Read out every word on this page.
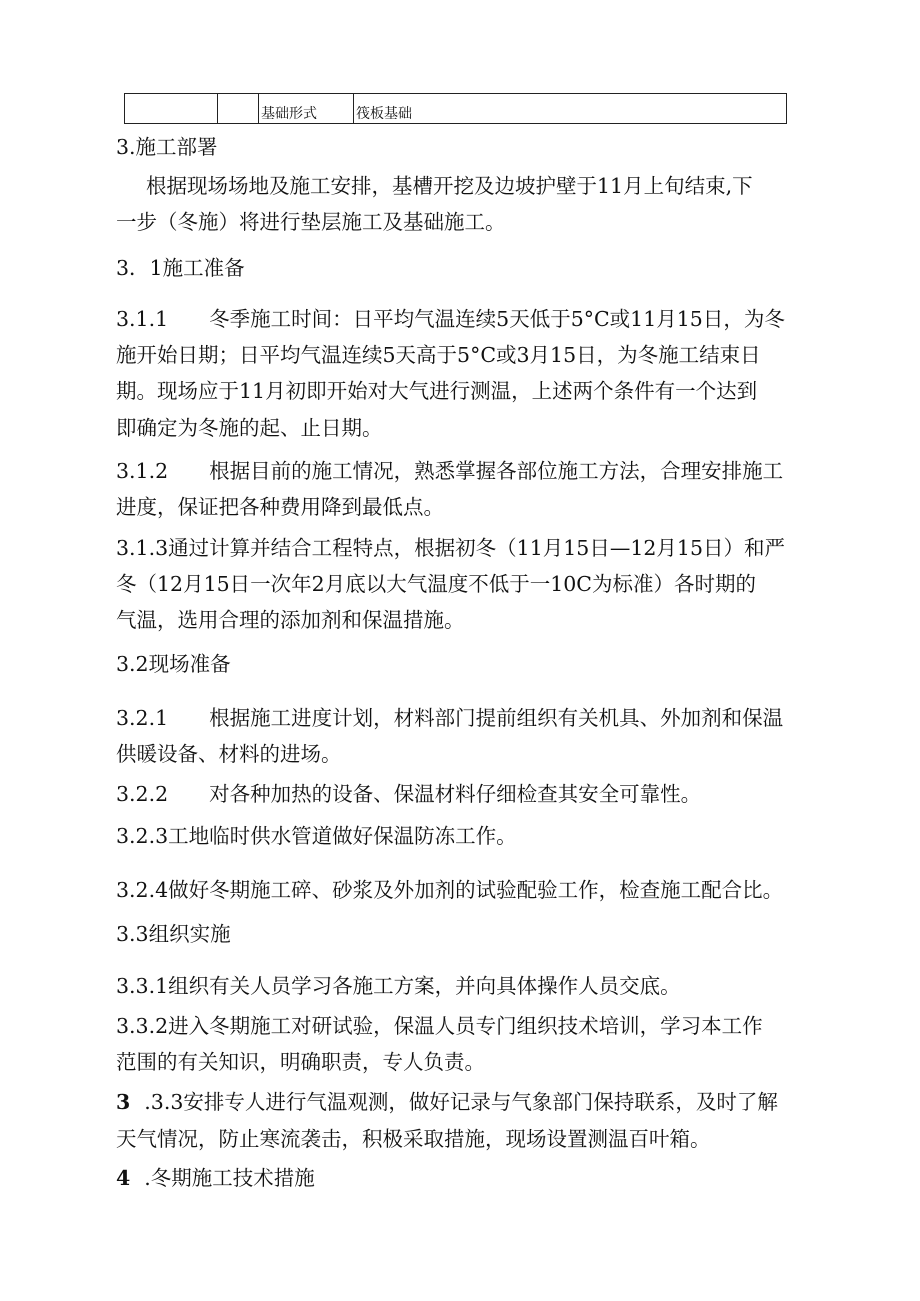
		基础形式	筏板基础
3.施工部署
根据现场场地及施工安排，基槽开挖及边坡护壁于11月上旬结束,下
一步（冬施）将进行垫层施工及基础施工。
3．1施工准备
3.1.1　　冬季施工时间：日平均气温连续5天低于5°C或11月15日，为冬
施开始日期；日平均气温连续5天高于5°C或3月15日，为冬施工结束日
期。现场应于11月初即开始对大气进行测温，上述两个条件有一个达到
即确定为冬施的起、止日期。
3.1.2　　根据目前的施工情况，熟悉掌握各部位施工方法，合理安排施工
进度，保证把各种费用降到最低点。
3.1.3通过计算并结合工程特点，根据初冬（11月15日—12月15日）和严
冬（12月15日一次年2月底以大气温度不低于一10C为标准）各时期的
气温，选用合理的添加剂和保温措施。
3.2现场准备
3.2.1　　根据施工进度计划，材料部门提前组织有关机具、外加剂和保温
供暖设备、材料的进场。
3.2.2　　对各种加热的设备、保温材料仔细检查其安全可靠性。
3.2.3工地临时供水管道做好保温防冻工作。
3.2.4做好冬期施工碎、砂浆及外加剂的试验配验工作，检查施工配合比。
3.3组织实施
3.3.1组织有关人员学习各施工方案，并向具体操作人员交底。
3.3.2进入冬期施工对研试验，保温人员专门组织技术培训，学习本工作
范围的有关知识，明确职责，专人负责。
3 .3.3安排专人进行气温观测，做好记录与气象部门保持联系，及时了解
天气情况，防止寒流袭击，积极采取措施，现场设置测温百叶箱。
4 .冬期施工技术措施
